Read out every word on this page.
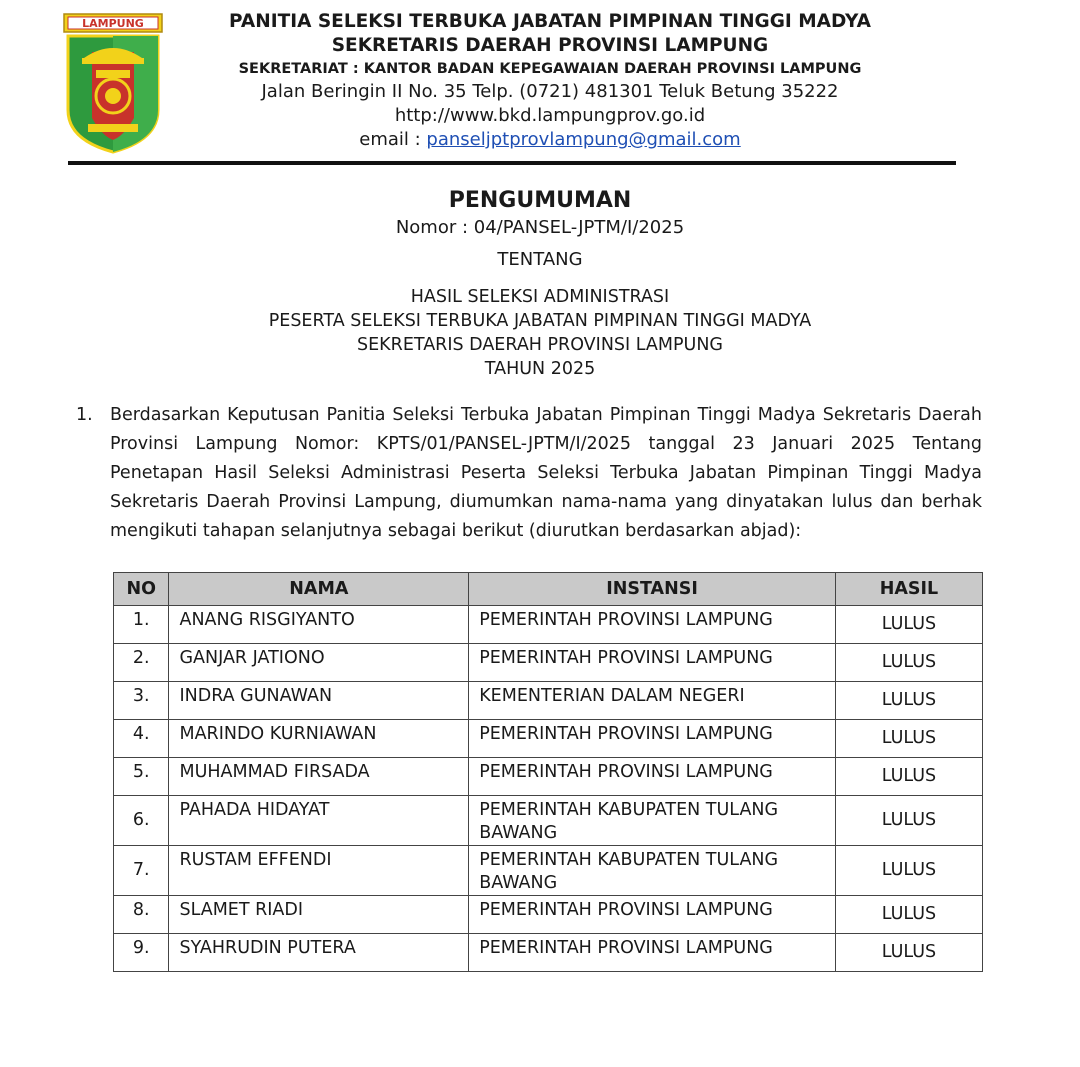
LAMPUNG	PANITIA SELEKSI TERBUKA JABATAN PIMPINAN TINGGI MADYA
SEKRETARIS DAERAH PROVINSI LAMPUNG
SEKRETARIAT : KANTOR BADAN KEPEGAWAIAN DAERAH PROVINSI LAMPUNG
Jalan Beringin II No. 35 Telp. (0721) 481301 Teluk Betung 35222
http://www.bkd.lampungprov.go.id
email : panseljptprovlampung@gmail.com
PENGUMUMAN
Nomor : 04/PANSEL-JPTM/I/2025
TENTANG
HASIL SELEKSI ADMINISTRASI
PESERTA SELEKSI TERBUKA JABATAN PIMPINAN TINGGI MADYA
SEKRETARIS DAERAH PROVINSI LAMPUNG
TAHUN 2025
1. Berdasarkan Keputusan Panitia Seleksi Terbuka Jabatan Pimpinan Tinggi Madya Sekretaris Daerah Provinsi Lampung Nomor: KPTS/01/PANSEL-JPTM/I/2025 tanggal 23 Januari 2025 Tentang Penetapan Hasil Seleksi Administrasi Peserta Seleksi Terbuka Jabatan Pimpinan Tinggi Madya Sekretaris Daerah Provinsi Lampung, diumumkan nama-nama yang dinyatakan lulus dan berhak mengikuti tahapan selanjutnya sebagai berikut (diurutkan berdasarkan abjad):
NO	NAMA	INSTANSI	HASIL
1.	ANANG RISGIYANTO	PEMERINTAH PROVINSI LAMPUNG	LULUS
2.	GANJAR JATIONO	PEMERINTAH PROVINSI LAMPUNG	LULUS
3.	INDRA GUNAWAN	KEMENTERIAN DALAM NEGERI	LULUS
4.	MARINDO KURNIAWAN	PEMERINTAH PROVINSI LAMPUNG	LULUS
5.	MUHAMMAD FIRSADA	PEMERINTAH PROVINSI LAMPUNG	LULUS
6.	PAHADA HIDAYAT	PEMERINTAH KABUPATEN TULANG BAWANG	LULUS
7.	RUSTAM EFFENDI	PEMERINTAH KABUPATEN TULANG BAWANG	LULUS
8.	SLAMET RIADI	PEMERINTAH PROVINSI LAMPUNG	LULUS
9.	SYAHRUDIN PUTERA	PEMERINTAH PROVINSI LAMPUNG	LULUS
